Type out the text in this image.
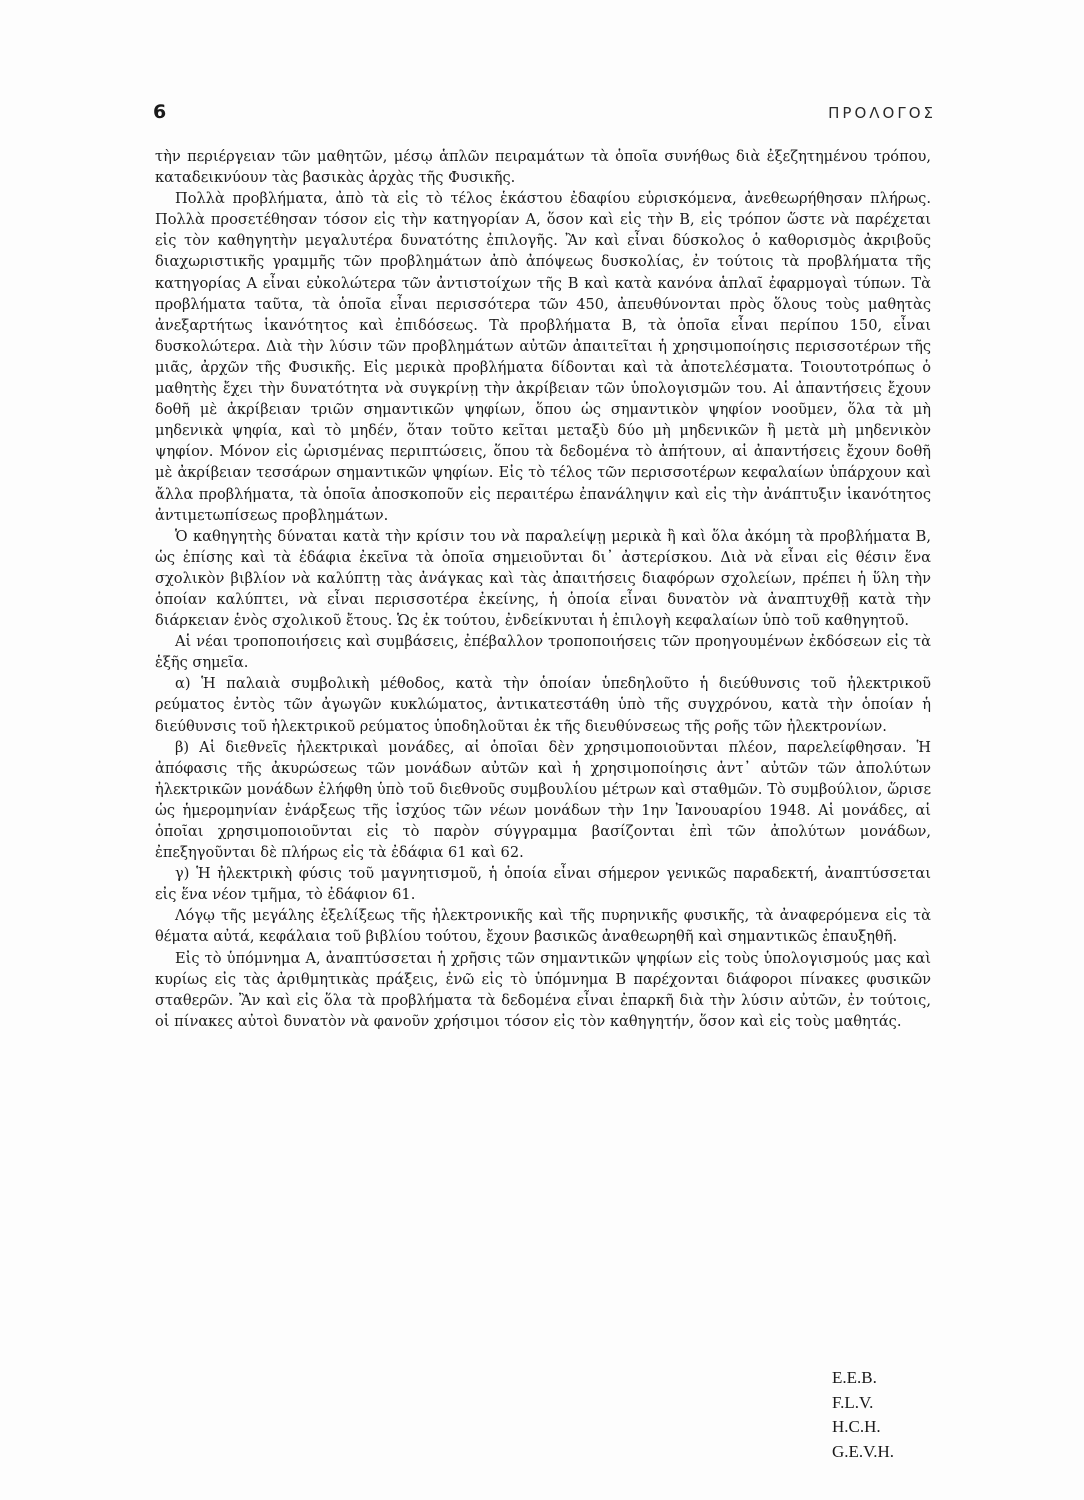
6	ΠΡΟΛΟΓΟΣ

τὴν περιέργειαν τῶν μαθητῶν, μέσῳ ἁπλῶν πειραμάτων τὰ ὁποῖα συνήθως διὰ ἐξεζητημένου τρόπου, καταδεικνύουν τὰς βασικὰς ἀρχὰς τῆς Φυσικῆς.

Πολλὰ προβλήματα, ἀπὸ τὰ εἰς τὸ τέλος ἑκάστου ἐδαφίου εὑρισκόμενα, ἀνεθεωρήθησαν πλήρως. Πολλὰ προσετέθησαν τόσον εἰς τὴν κατηγορίαν Α, ὅσον καὶ εἰς τὴν Β, εἰς τρόπον ὥστε νὰ παρέχεται εἰς τὸν καθηγητὴν μεγαλυτέρα δυνατότης ἐπιλογῆς. Ἂν καὶ εἶναι δύσκολος ὁ καθορισμὸς ἀκριβοῦς διαχωριστικῆς γραμμῆς τῶν προβλημάτων ἀπὸ ἀπόψεως δυσκολίας, ἐν τούτοις τὰ προβλήματα τῆς κατηγορίας Α εἶναι εὐκολώτερα τῶν ἀντιστοίχων τῆς Β καὶ κατὰ κανόνα ἁπλαῖ ἐφαρμογαὶ τύπων. Τὰ προβλήματα ταῦτα, τὰ ὁποῖα εἶναι περισσότερα τῶν 450, ἀπευθύνονται πρὸς ὅλους τοὺς μαθητὰς ἀνεξαρτήτως ἱκανότητος καὶ ἐπιδόσεως. Τὰ προβλήματα Β, τὰ ὁποῖα εἶναι περίπου 150, εἶναι δυσκολώτερα. Διὰ τὴν λύσιν τῶν προβλημάτων αὐτῶν ἀπαιτεῖται ἡ χρησιμοποίησις περισσοτέρων τῆς μιᾶς, ἀρχῶν τῆς Φυσικῆς. Εἰς μερικὰ προβλήματα δίδονται καὶ τὰ ἀποτελέσματα. Τοιουτοτρόπως ὁ μαθητὴς ἔχει τὴν δυνατότητα νὰ συγκρίνῃ τὴν ἀκρίβειαν τῶν ὑπολογισμῶν του. Αἱ ἀπαντήσεις ἔχουν δοθῆ μὲ ἀκρίβειαν τριῶν σημαντικῶν ψηφίων, ὅπου ὡς σημαντικὸν ψηφίον νοοῦμεν, ὅλα τὰ μὴ μηδενικὰ ψηφία, καὶ τὸ μηδέν, ὅταν τοῦτο κεῖται μεταξὺ δύο μὴ μηδενικῶν ἢ μετὰ μὴ μηδενικὸν ψηφίον. Μόνον εἰς ὡρισμένας περιπτώσεις, ὅπου τὰ δεδομένα τὸ ἀπήτουν, αἱ ἀπαντήσεις ἔχουν δοθῆ μὲ ἀκρίβειαν τεσσάρων σημαντικῶν ψηφίων. Εἰς τὸ τέλος τῶν περισσοτέρων κεφαλαίων ὑπάρχουν καὶ ἄλλα προβλήματα, τὰ ὁποῖα ἀποσκοποῦν εἰς περαιτέρω ἐπανάληψιν καὶ εἰς τὴν ἀνάπτυξιν ἱκανότητος ἀντιμετωπίσεως προβλημάτων.

Ὁ καθηγητὴς δύναται κατὰ τὴν κρίσιν του νὰ παραλείψῃ μερικὰ ἢ καὶ ὅλα ἀκόμη τὰ προβλήματα Β, ὡς ἐπίσης καὶ τὰ ἐδάφια ἐκεῖνα τὰ ὁποῖα σημειοῦνται δι᾽ ἀστερίσκου. Διὰ νὰ εἶναι εἰς θέσιν ἕνα σχολικὸν βιβλίον νὰ καλύπτῃ τὰς ἀνάγκας καὶ τὰς ἀπαιτήσεις διαφόρων σχολείων, πρέπει ἡ ὕλη τὴν ὁποίαν καλύπτει, νὰ εἶναι περισσοτέρα ἐκείνης, ἡ ὁποία εἶναι δυνατὸν νὰ ἀναπτυχθῇ κατὰ τὴν διάρκειαν ἑνὸς σχολικοῦ ἔτους. Ὡς ἐκ τούτου, ἐνδείκνυται ἡ ἐπιλογὴ κεφαλαίων ὑπὸ τοῦ καθηγητοῦ.

Αἱ νέαι τροποποιήσεις καὶ συμβάσεις, ἐπέβαλλον τροποποιήσεις τῶν προηγουμένων ἐκδόσεων εἰς τὰ ἑξῆς σημεῖα.

α) Ἡ παλαιὰ συμβολικὴ μέθοδος, κατὰ τὴν ὁποίαν ὑπεδηλοῦτο ἡ διεύθυνσις τοῦ ἠλεκτρικοῦ ρεύματος ἐντὸς τῶν ἀγωγῶν κυκλώματος, ἀντικατεστάθη ὑπὸ τῆς συγχρόνου, κατὰ τὴν ὁποίαν ἡ διεύθυνσις τοῦ ἠλεκτρικοῦ ρεύματος ὑποδηλοῦται ἐκ τῆς διευθύνσεως τῆς ροῆς τῶν ἠλεκτρονίων.

β) Αἱ διεθνεῖς ἠλεκτρικαὶ μονάδες, αἱ ὁποῖαι δὲν χρησιμοποιοῦνται πλέον, παρελείφθησαν. Ἡ ἀπόφασις τῆς ἀκυρώσεως τῶν μονάδων αὐτῶν καὶ ἡ χρησιμοποίησις ἀντ᾽ αὐτῶν τῶν ἀπολύτων ἠλεκτρικῶν μονάδων ἐλήφθη ὑπὸ τοῦ διεθνοῦς συμβουλίου μέτρων καὶ σταθμῶν. Τὸ συμβούλιον, ὥρισε ὡς ἡμερομηνίαν ἐνάρξεως τῆς ἰσχύος τῶν νέων μονάδων τὴν 1ην Ἰανουαρίου 1948. Αἱ μονάδες, αἱ ὁποῖαι χρησιμοποιοῦνται εἰς τὸ παρὸν σύγγραμμα βασίζονται ἐπὶ τῶν ἀπολύτων μονάδων, ἐπεξηγοῦνται δὲ πλήρως εἰς τὰ ἐδάφια 61 καὶ 62.

γ) Ἡ ἠλεκτρικὴ φύσις τοῦ μαγνητισμοῦ, ἡ ὁποία εἶναι σήμερον γενικῶς παραδεκτή, ἀναπτύσσεται εἰς ἕνα νέον τμῆμα, τὸ ἐδάφιον 61.

Λόγῳ τῆς μεγάλης ἐξελίξεως τῆς ἠλεκτρονικῆς καὶ τῆς πυρηνικῆς φυσικῆς, τὰ ἀναφερόμενα εἰς τὰ θέματα αὐτά, κεφάλαια τοῦ βιβλίου τούτου, ἔχουν βασικῶς ἀναθεωρηθῆ καὶ σημαντικῶς ἐπαυξηθῆ.

Εἰς τὸ ὑπόμνημα Α, ἀναπτύσσεται ἡ χρῆσις τῶν σημαντικῶν ψηφίων εἰς τοὺς ὑπολογισμούς μας καὶ κυρίως εἰς τὰς ἀριθμητικὰς πράξεις, ἐνῶ εἰς τὸ ὑπόμνημα Β παρέχονται διάφοροι πίνακες φυσικῶν σταθερῶν. Ἂν καὶ εἰς ὅλα τὰ προβλήματα τὰ δεδομένα εἶναι ἐπαρκῆ διὰ τὴν λύσιν αὐτῶν, ἐν τούτοις, οἱ πίνακες αὐτοὶ δυνατὸν νὰ φανοῦν χρήσιμοι τόσον εἰς τὸν καθηγητήν, ὅσον καὶ εἰς τοὺς μαθητάς.

E.E.B.
F.L.V.
H.C.H.
G.E.V.H.
